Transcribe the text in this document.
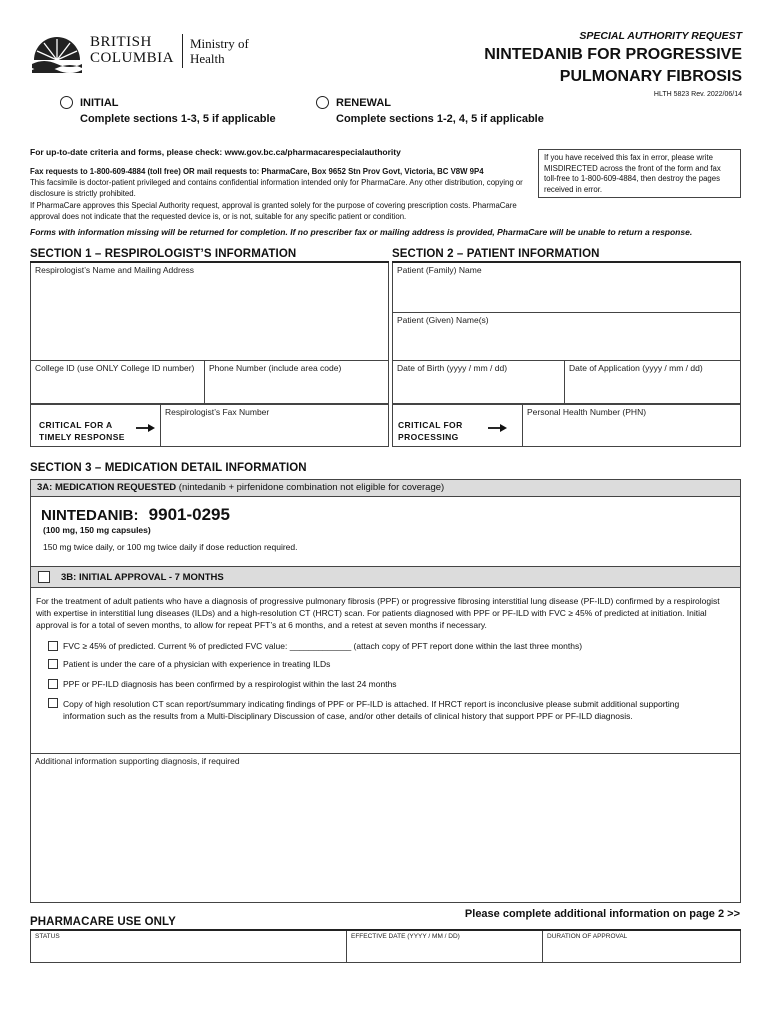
BRITISH
COLUMBIA
Ministry of
Health
SPECIAL AUTHORITY REQUEST
NINTEDANIB FOR PROGRESSIVE
PULMONARY FIBROSIS
HLTH 5823 Rev. 2022/06/14
INITIAL
Complete sections 1-3, 5 if applicable
RENEWAL
Complete sections 1-2, 4, 5 if applicable
For up-to-date criteria and forms, please check: www.gov.bc.ca/pharmacarespecialauthority
Fax requests to 1-800-609-4884 (toll free) OR mail requests to: PharmaCare, Box 9652 Stn Prov Govt, Victoria, BC V8W 9P4
This facsimile is doctor-patient privileged and contains confidential information intended only for PharmaCare. Any other distribution, copying or disclosure is strictly prohibited.
If PharmaCare approves this Special Authority request, approval is granted solely for the purpose of covering prescription costs. PharmaCare approval does not indicate that the requested device is, or is not, suitable for any specific patient or condition.
If you have received this fax in error, please write MISDIRECTED across the front of the form and fax toll-free to 1-800-609-4884, then destroy the pages received in error.
Forms with information missing will be returned for completion. If no prescriber fax or mailing address is provided, PharmaCare will be unable to return a response.
SECTION 1 – RESPIROLOGIST’S INFORMATION
Respirologist’s Name and Mailing Address
College ID (use ONLY College ID number) Phone Number (include area code)
CRITICAL FOR A
TIMELY RESPONSE
Respirologist’s Fax Number
SECTION 2 – PATIENT INFORMATION
Patient (Family) Name
Patient (Given) Name(s)
Date of Birth (yyyy / mm / dd)	Date of Application (yyyy / mm / dd)
CRITICAL FOR
PROCESSING
Personal Health Number (PHN)
SECTION 3 – MEDICATION DETAIL INFORMATION
3A: MEDICATION REQUESTED (nintedanib + pirfenidone combination not eligible for coverage)
NINTEDANIB: 9901-0295
(100 mg, 150 mg capsules)
150 mg twice daily, or 100 mg twice daily if dose reduction required.
3B: INITIAL APPROVAL - 7 MONTHS
For the treatment of adult patients who have a diagnosis of progressive pulmonary fibrosis (PPF) or progressive fibrosing interstitial lung disease (PF-ILD) confirmed by a respirologist with expertise in interstitial lung diseases (ILDs) and a high-resolution CT (HRCT) scan. For patients diagnosed with PPF or PF-ILD with FVC ≥ 45% of predicted at initiation. Initial approval is for a total of seven months, to allow for repeat PFT’s at 6 months, and a retest at seven months if necessary.
FVC ≥ 45% of predicted. Current % of predicted FVC value: _____________ (attach copy of PFT report done within the last three months)
Patient is under the care of a physician with experience in treating ILDs
PPF or PF-ILD diagnosis has been confirmed by a respirologist within the last 24 months
Copy of high resolution CT scan report/summary indicating findings of PPF or PF-ILD is attached. If HRCT report is inconclusive please submit additional supporting information such as the results from a Multi-Disciplinary Discussion of case, and/or other details of clinical history that support PPF or PF-ILD diagnosis.
Additional information supporting diagnosis, if required
Please complete additional information on page 2 >>
PHARMACARE USE ONLY
STATUS	EFFECTIVE DATE (YYYY / MM / DD)	DURATION OF APPROVAL
